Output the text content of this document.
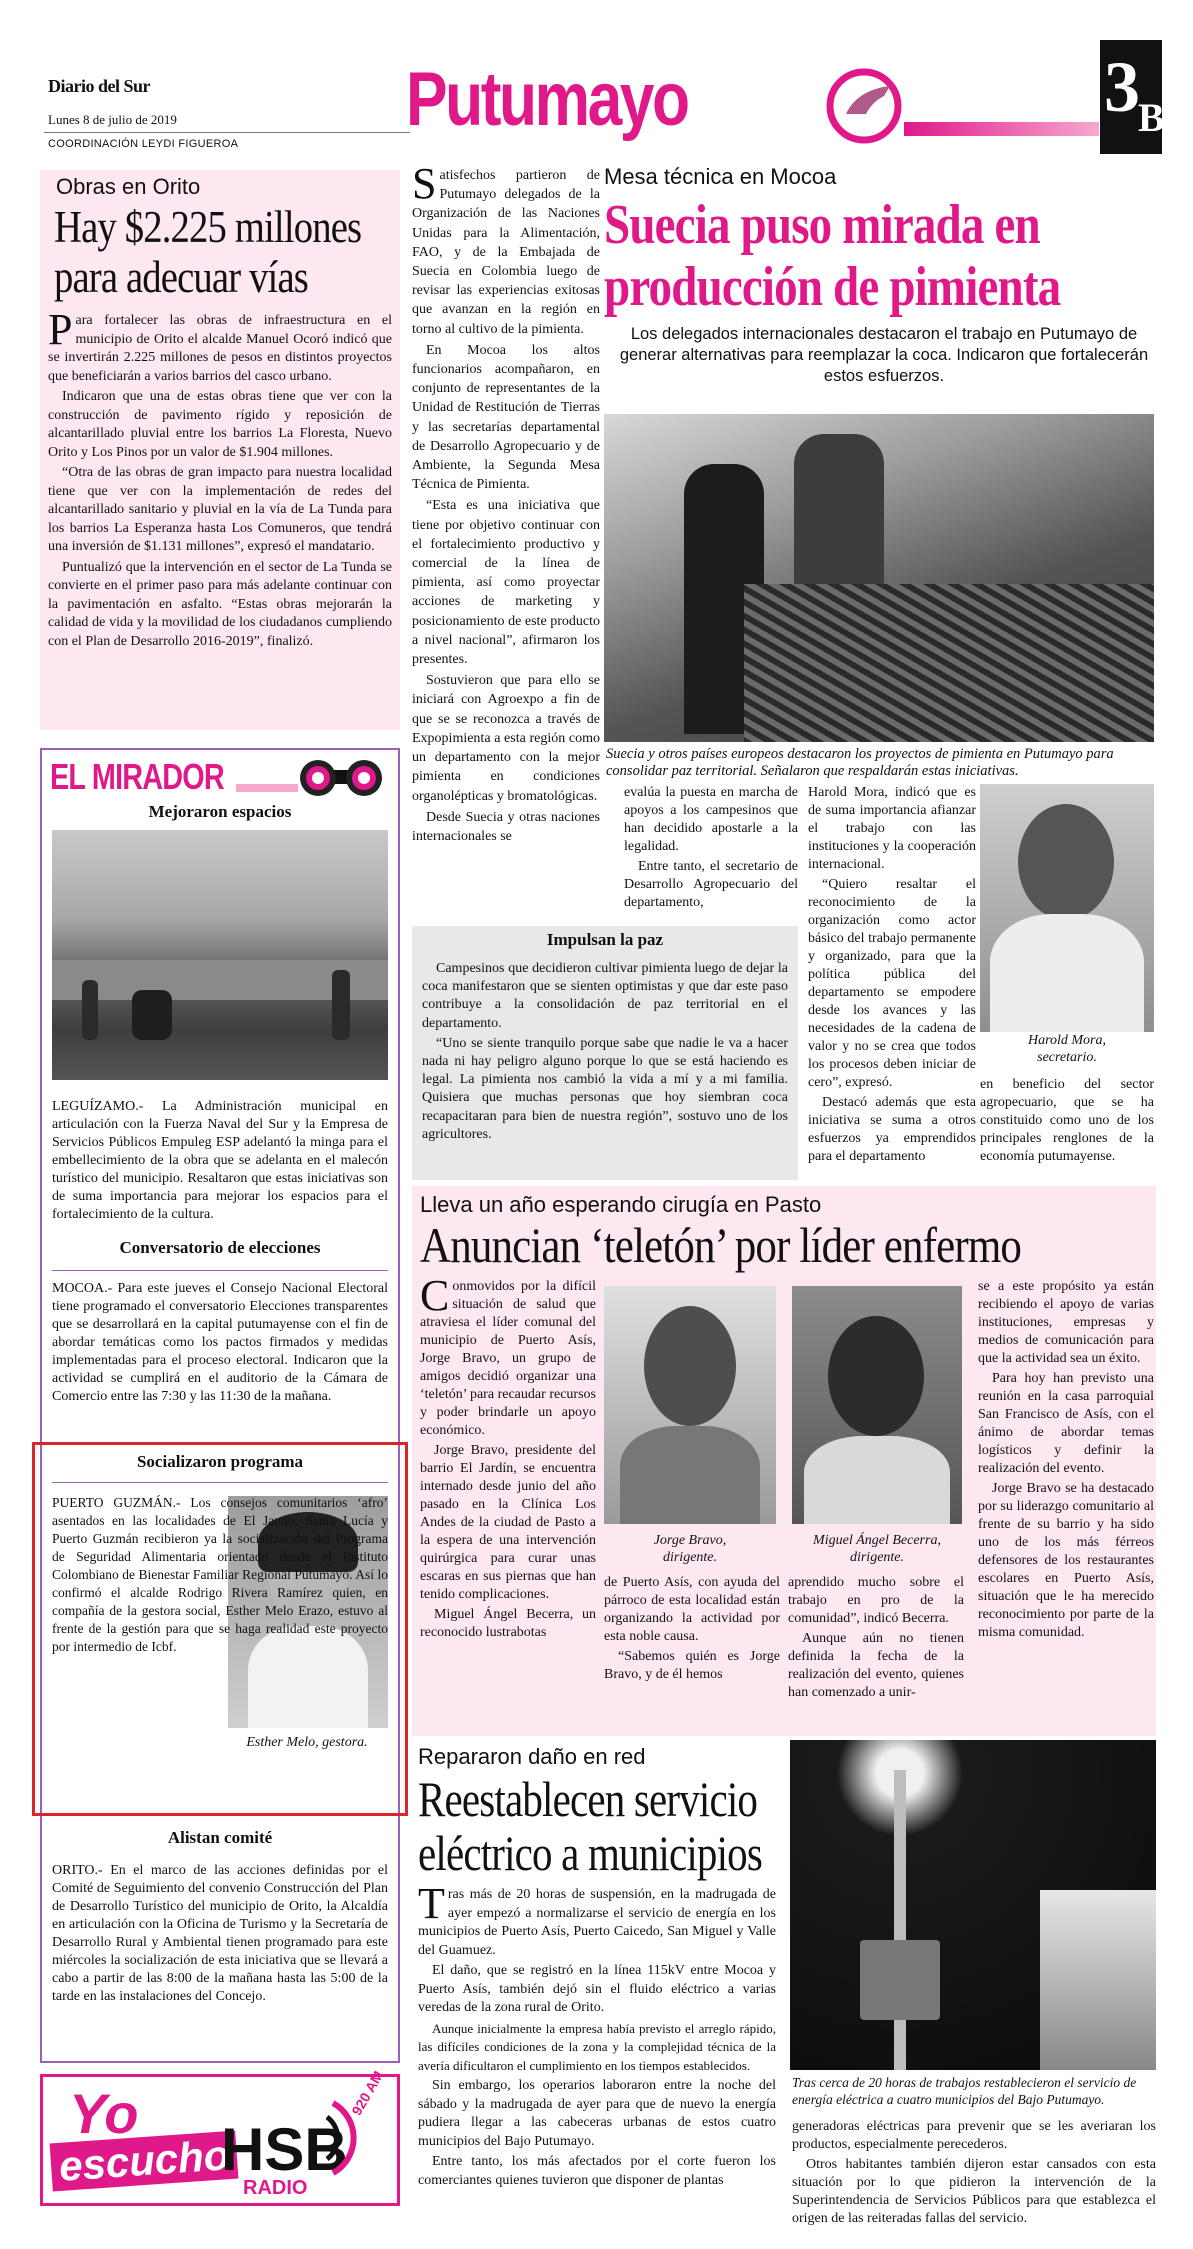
Diario del Sur
Lunes 8 de julio de 2019
COORDINACIÓN LEYDI FIGUEROA
Putumayo	3
B
Obras en Orito
Hay $2.225 millones para adecuar vías

Para fortalecer las obras de infraestructura en el municipio de Orito el alcalde Manuel Ocoró indicó que se invertirán 2.225 millones de pesos en distintos proyectos que beneficiarán a varios barrios del casco urbano.

Indicaron que una de estas obras tiene que ver con la construcción de pavimento rígido y reposición de alcantarillado pluvial entre los barrios La Floresta, Nuevo Orito y Los Pinos por un valor de $1.904 millones.

“Otra de las obras de gran impacto para nuestra localidad tiene que ver con la implementación de redes del alcantarillado sanitario y pluvial en la vía de La Tunda para los barrios La Esperanza hasta Los Comuneros, que tendrá una inversión de $1.131 millones”, expresó el mandatario.

Puntualizó que la intervención en el sector de La Tunda se convierte en el primer paso para más adelante continuar con la pavimentación en asfalto. “Estas obras mejorarán la calidad de vida y la movilidad de los ciudadanos cumpliendo con el Plan de Desarrollo 2016-2019”, finalizó.

EL MIRADOR
Mejoraron espacios
LEGUÍZAMO.- La Administración municipal en articulación con la Fuerza Naval del Sur y la Empresa de Servicios Públicos Empuleg ESP adelantó la minga para el embellecimiento de la obra que se adelanta en el malecón turístico del municipio. Resaltaron que estas iniciativas son de suma importancia para mejorar los espacios para el fortalecimiento de la cultura.
Conversatorio de elecciones
MOCOA.- Para este jueves el Consejo Nacional Electoral tiene programado el conversatorio Elecciones transparentes que se desarrollará en la capital putumayense con el fin de abordar temáticas como los pactos firmados y medidas implementadas para el proceso electoral. Indicaron que la actividad se cumplirá en el auditorio de la Cámara de Comercio entre las 7:30 y las 11:30 de la mañana.
Socializaron programa
PUERTO GUZMÁN.- Los consejos comunitarios ‘afro’ asentados en las localidades de El Jauno, Santa Lucía y Puerto Guzmán recibieron ya la socialización del Programa de Seguridad Alimentaria orientado desde el Instituto Colombiano de Bienestar Familiar Regional Putumayo. Así lo confirmó el alcalde Rodrigo Rivera Ramírez quien, en compañía de la gestora social, Esther Melo Erazo, estuvo al frente de la gestión para que se haga realidad este proyecto por intermedio de Icbf.
Esther Melo, gestora.
Alistan comité
ORITO.- En el marco de las acciones definidas por el Comité de Seguimiento del convenio Construcción del Plan de Desarrollo Turístico del municipio de Orito, la Alcaldía en articulación con la Oficina de Turismo y la Secretaría de Desarrollo Rural y Ambiental tienen programado para este miércoles la socialización de esta iniciativa que se llevará a cabo a partir de las 8:00 de la mañana hasta las 5:00 de la tarde en las instalaciones del Concejo.
Yo
escucho
HSB
RADIO
920 AM

Satisfechos partieron de Putumayo delegados de la Organización de las Naciones Unidas para la Alimentación, FAO, y de la Embajada de Suecia en Colombia luego de revisar las experiencias exitosas que avanzan en la región en torno al cultivo de la pimienta.

En Mocoa los altos funcionarios acompañaron, en conjunto de representantes de la Unidad de Restitución de Tierras y las secretarías departamental de Desarrollo Agropecuario y de Ambiente, la Segunda Mesa Técnica de Pimienta.

“Esta es una iniciativa que tiene por objetivo continuar con el fortalecimiento productivo y comercial de la línea de pimienta, así como proyectar acciones de marketing y posicionamiento de este producto a nivel nacional”, afirmaron los presentes.

Sostuvieron que para ello se iniciará con Agroexpo a fin de que se se reconozca a través de Expopimienta a esta región como un departamento con la mejor pimienta en condiciones organolépticas y bromatológicas.

Desde Suecia y otras naciones internacionales se

Mesa técnica en Mocoa
Suecia puso mirada en producción de pimienta
Los delegados internacionales destacaron el trabajo en Putumayo de generar alternativas para reemplazar la coca. Indicaron que fortalecerán estos esfuerzos.
Suecia y otros países europeos destacaron los proyectos de pimienta en Putumayo para consolidar paz territorial. Señalaron que respaldarán estas iniciativas.

evalúa la puesta en marcha de apoyos a los campesinos que han decidido apostarle a la legalidad.

Entre tanto, el secretario de Desarrollo Agropecuario del departamento,

Harold Mora, indicó que es de suma importancia afianzar el trabajo con las instituciones y la cooperación internacional.

“Quiero resaltar el reconocimiento de la organización como actor básico del trabajo permanente y organizado, para que la política pública del departamento se empodere desde los avances y las necesidades de la cadena de valor y no se crea que todos los procesos deben iniciar de cero”, expresó.

Destacó además que esta iniciativa se suma a otros esfuerzos ya emprendidos para el departamento

Harold Mora,
secretario.
en beneficio del sector agropecuario, que se ha constituido como uno de los principales renglones de la economía putumayense.
Impulsan la paz

Campesinos que decidieron cultivar pimienta luego de dejar la coca manifestaron que se sienten optimistas y que dar este paso contribuye a la consolidación de paz territorial en el departamento.

“Uno se siente tranquilo porque sabe que nadie le va a hacer nada ni hay peligro alguno porque lo que se está haciendo es legal. La pimienta nos cambió la vida a mí y a mi familia. Quisiera que muchas personas que hoy siembran coca recapacitaran para bien de nuestra región”, sostuvo uno de los agricultores.

Lleva un año esperando cirugía en Pasto
Anuncian ‘teletón’ por líder enfermo

Conmovidos por la difícil situación de salud que atraviesa el líder comunal del municipio de Puerto Asís, Jorge Bravo, un grupo de amigos decidió organizar una ‘teletón’ para recaudar recursos y poder brindarle un apoyo económico.

Jorge Bravo, presidente del barrio El Jardín, se encuentra internado desde junio del año pasado en la Clínica Los Andes de la ciudad de Pasto a la espera de una intervención quirúrgica para curar unas escaras en sus piernas que han tenido complicaciones.

Miguel Ángel Becerra, un reconocido lustrabotas

Jorge Bravo,
dirigente.
Miguel Ángel Becerra,
dirigente.

de Puerto Asís, con ayuda del párroco de esta localidad están organizando la actividad por esta noble causa.

“Sabemos quién es Jorge Bravo, y de él hemos

aprendido mucho sobre el trabajo en pro de la comunidad”, indicó Becerra.

Aunque aún no tienen definida la fecha de la realización del evento, quienes han comenzado a unir-

se a este propósito ya están recibiendo el apoyo de varias instituciones, empresas y medios de comunicación para que la actividad sea un éxito.

Para hoy han previsto una reunión en la casa parroquial San Francisco de Asís, con el ánimo de abordar temas logísticos y definir la realización del evento.

Jorge Bravo se ha destacado por su liderazgo comunitario al frente de su barrio y ha sido uno de los más férreos defensores de los restaurantes escolares en Puerto Asís, situación que le ha merecido reconocimiento por parte de la misma comunidad.

Repararon daño en red
Reestablecen servicio eléctrico a municipios

Tras más de 20 horas de suspensión, en la madrugada de ayer empezó a normalizarse el servicio de energía en los municipios de Puerto Asís, Puerto Caicedo, San Miguel y Valle del Guamuez.

El daño, que se registró en la línea 115kV entre Mocoa y Puerto Asís, también dejó sin el fluido eléctrico a varias veredas de la zona rural de Orito.

Aunque inicialmente la empresa había previsto el arreglo rápido, las difíciles condiciones de la zona y la complejidad técnica de la avería dificultaron el cumplimiento en los tiempos establecidos.

Sin embargo, los operarios laboraron entre la noche del sábado y la madrugada de ayer para que de nuevo la energía pudiera llegar a las cabeceras urbanas de estos cuatro municipios del Bajo Putumayo.

Entre tanto, los más afectados por el corte fueron los comerciantes quienes tuvieron que disponer de plantas

Tras cerca de 20 horas de trabajos restablecieron el servicio de energía eléctrica a cuatro municipios del Bajo Putumayo.

generadoras eléctricas para prevenir que se les averiaran los productos, especialmente perecederos.

Otros habitantes también dijeron estar cansados con esta situación por lo que pidieron la intervención de la Superintendencia de Servicios Públicos para que establezca el origen de las reiteradas fallas del servicio.
